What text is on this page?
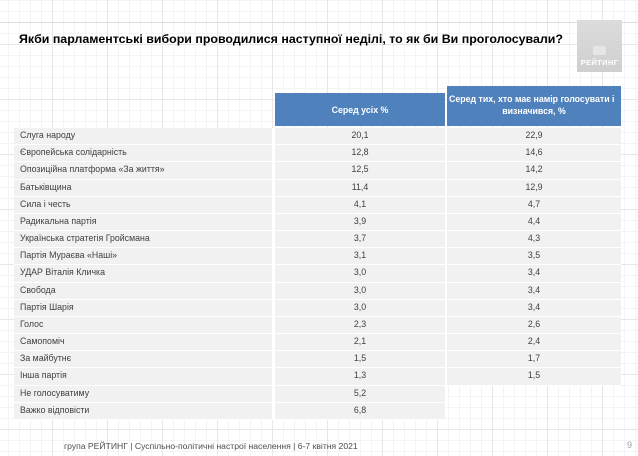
Якби парламентські вибори проводилися наступної неділі, то як би Ви проголосували?
РЕЙТИНГ
Серед усіх %
Серед тих, хто має намір голосувати і
визначився, %
Слуга народу	20,1	22,9
Європейська солідарність	12,8	14,6
Опозиційна платформа «За життя»	12,5	14,2
Батьківщина	11,4	12,9
Сила і честь	4,1	4,7
Радикальна партія	3,9	4,4
Українська стратегія Гройсмана	3,7	4,3
Партія Мураєва «Наші»	3,1	3,5
УДАР Віталія Кличка	3,0	3,4
Свобода	3,0	3,4
Партія Шарія	3,0	3,4
Голос	2,3	2,6
Самопоміч	2,1	2,4
За майбутнє	1,5	1,7
Інша партія	1,3	1,5
Не голосуватиму	5,2
Важко відповісти	6,8
група РЕЙТИНГ | Суспільно-політичні настрої населення | 6-7 квітня 2021	9
